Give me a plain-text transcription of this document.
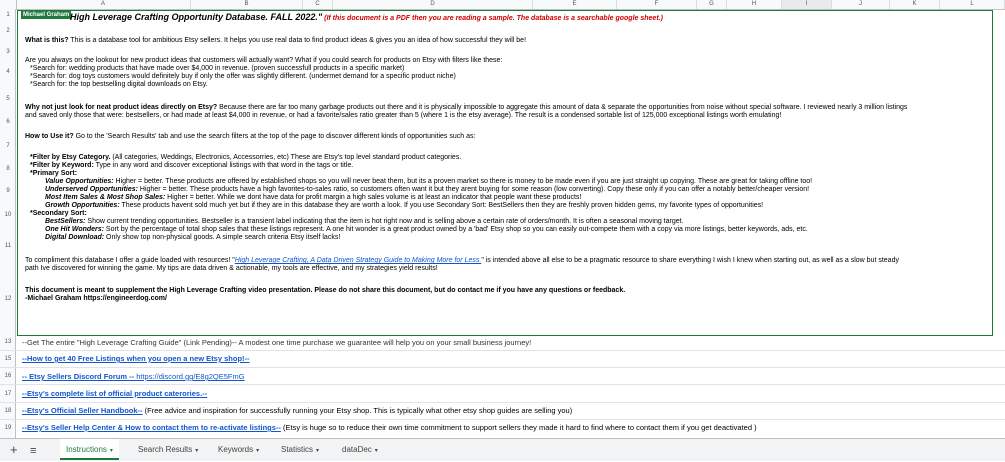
A	B	C	D	E	F	G	H	I	J	K	L
1
2
3
4
5
6
7
8
9
10
11
12
13
15
16
17
18
19
Michael Graham High Leverage Crafting Opportunity Database. FALL 2022." (If this document is a PDF then you are reading a sample. The database is a searchable google sheet.)
What is this? This is a database tool for ambitious Etsy sellers. It helps you use real data to find product ideas & gives you an idea of how successful they will be!
Are you always on the lookout for new product ideas that customers will actually want? What if you could search for products on Etsy with filters like these:
*Search for: wedding products that have made over $4,000 in revenue. (proven successfull products in a specific market)
*Search for: dog toys customers would definitely buy if only the offer was slightly different. (undermet demand for a specific product niche)
*Search for: the top bestselling digital downloads on Etsy.
Why not just look for neat product ideas directly on Etsy? Because there are far too many garbage products out there and it is physically impossible to aggregate this amount of data & separate the opportunities from noise without special software. I reviewed nearly 3 million listings
and saved only those that were: bestsellers, or had made at least $4,000 in revenue, or had a favorite/sales ratio greater than 5 (where 1 is the etsy average). The result is a condensed sortable list of 125,000 exceptional listings worth emulating!
How to Use it? Go to the 'Search Results' tab and use the search filters at the top of the page to discover different kinds of opportunities such as:
*Filter by Etsy Category. (All categories, Weddings, Electronics, Accessorries, etc) These are Etsy's top level standard product categories.
*Filter by Keyword: Type in any word and discover exceptional listings with that word in the tags or title.
*Primary Sort:
Value Opportunities: Higher = better. These products are offered by established shops so you will never beat them, but its a proven market so there is money to be made even if you are just straight up copying. These are great for taking offline too!
Underserved Opportunities: Higher = better. These products have a high favorites-to-sales ratio, so customers often want it but they arent buying for some reason (low converting). Copy these only if you can offer a notably better/cheaper version!
Most Item Sales & Most Shop Sales: Higher = better. While we dont have data for profit margin a high sales volume is at least an indicator that people want these products!
Growth Opportunities: These products havent sold much yet but if they are in this database they are worth a look. If you use Secondary Sort: BestSellers then they are freshly proven hidden gems, my favorite types of opportunities!
*Secondary Sort:
BestSellers: Show current trending opportunities. Bestseller is a transient label indicating that the item is hot right now and is selling above a certain rate of orders/month. It is often a seasonal moving target.
One Hit Wonders: Sort by the percentage of total shop sales that these listings represent. A one hit wonder is a great product owned by a 'bad' Etsy shop so you can easily out-compete them with a copy via more listings, better keywords, ads, etc.
Digital Download: Only show top non-physical goods. A simple search criteria Etsy itself lacks!
To compliment this database I offer a guide loaded with resources! "High Leverage Crafting, A Data Driven Strategy Guide to Making More for Less." is intended above all else to be a pragmatic resource to share everything I wish I knew when starting out, as well as a slow but steady
path Ive discovered for winning the game. My tips are data driven & actionable, my tools are effective, and my strategies yield results!
This document is meant to supplement the High Leverage Crafting video presentation. Please do not share this document, but do contact me if you have any questions or feedback.
-Michael Graham https://engineerdog.com/
--Get The entire "High Leverage Crafting Guide" (Link Pending)-- A modest one time purchase we guarantee will help you on your small business journey!
--How to get 40 Free Listings when you open a new Etsy shop!--
-- Etsy Sellers Discord Forum -- https://discord.gg/E8g2QE5FmG
--Etsy's complete list of official product caterories.--
--Etsy's Official Seller Handbook-- (Free advice and inspiration for successfully running your Etsy shop. This is typically what other etsy shop guides are selling you)
--Etsy's Seller Help Center & How to contact them to re-activate listings-- (Etsy is huge so to reduce their own time commitment to support sellers they made it hard to find where to contact them if you get deactivated )
+ ≡	Instructions ▾	Search Results ▾	Keywords ▾	Statistics ▾	dataDec ▾
